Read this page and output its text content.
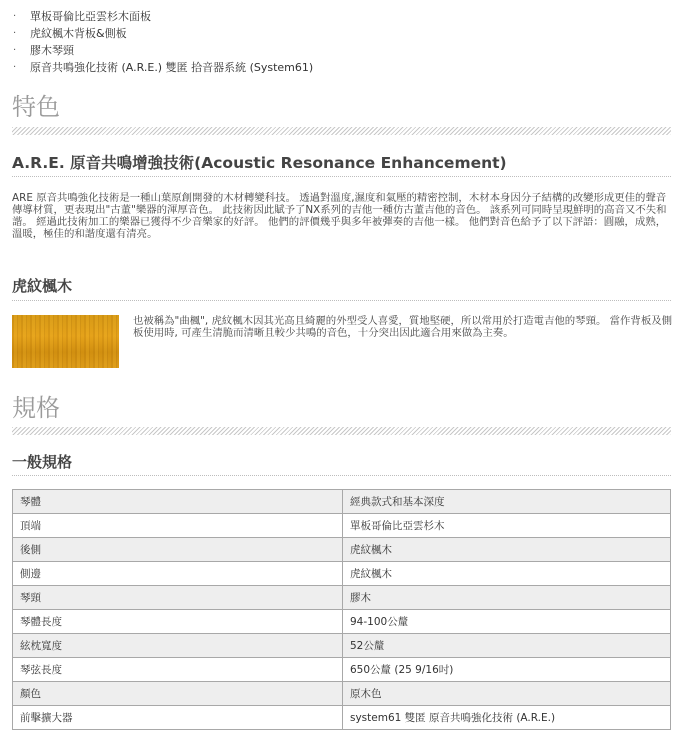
· 單板哥倫比亞雲杉木面板
· 虎紋楓木背板&側板
· 膠木琴頸
· 原音共鳴強化技術 (A.R.E.) 雙匿 拾音器系統 (System61)
特色
A.R.E. 原音共鳴增強技術(Acoustic Resonance Enhancement)
ARE 原音共鳴強化技術是一種山葉原創開發的木材轉變科技。 透過對溫度,濕度和氣壓的精密控制，木材本身因分子結構的改變形成更佳的聲音傳導材質，更表現出"古董"樂器的渾厚音色。 此技術因此賦予了NX系列的吉他一種仿古董吉他的音色。 該系列可同時呈現鮮明的高音又不失和諧。 經過此技術加工的樂器已獲得不少音樂家的好評。 他們的評價幾乎與多年被彈奏的吉他一樣。 他們對音色給予了以下評語：圓融，成熟，溫暖，極佳的和諧度還有清亮。
虎紋楓木
也被稱為"曲楓", 虎紋楓木因其光高且綺麗的外型受人喜愛，質地堅硬，所以常用於打造電吉他的琴頸。 當作背板及側板使用時, 可產生清脆而清晰且較少共鳴的音色，十分突出因此適合用來做為主奏。
規格
一般規格
琴體	經典款式和基本深度
頂端	單板哥倫比亞雲杉木
後側	虎紋楓木
側邊	虎紋楓木
琴頸	膠木
琴體長度	94-100公釐
絃枕寬度	52公釐
琴弦長度	650公釐 (25 9/16吋)
顏色	原木色
前擊擴大器	system61 雙匿 原音共鳴強化技術 (A.R.E.)
